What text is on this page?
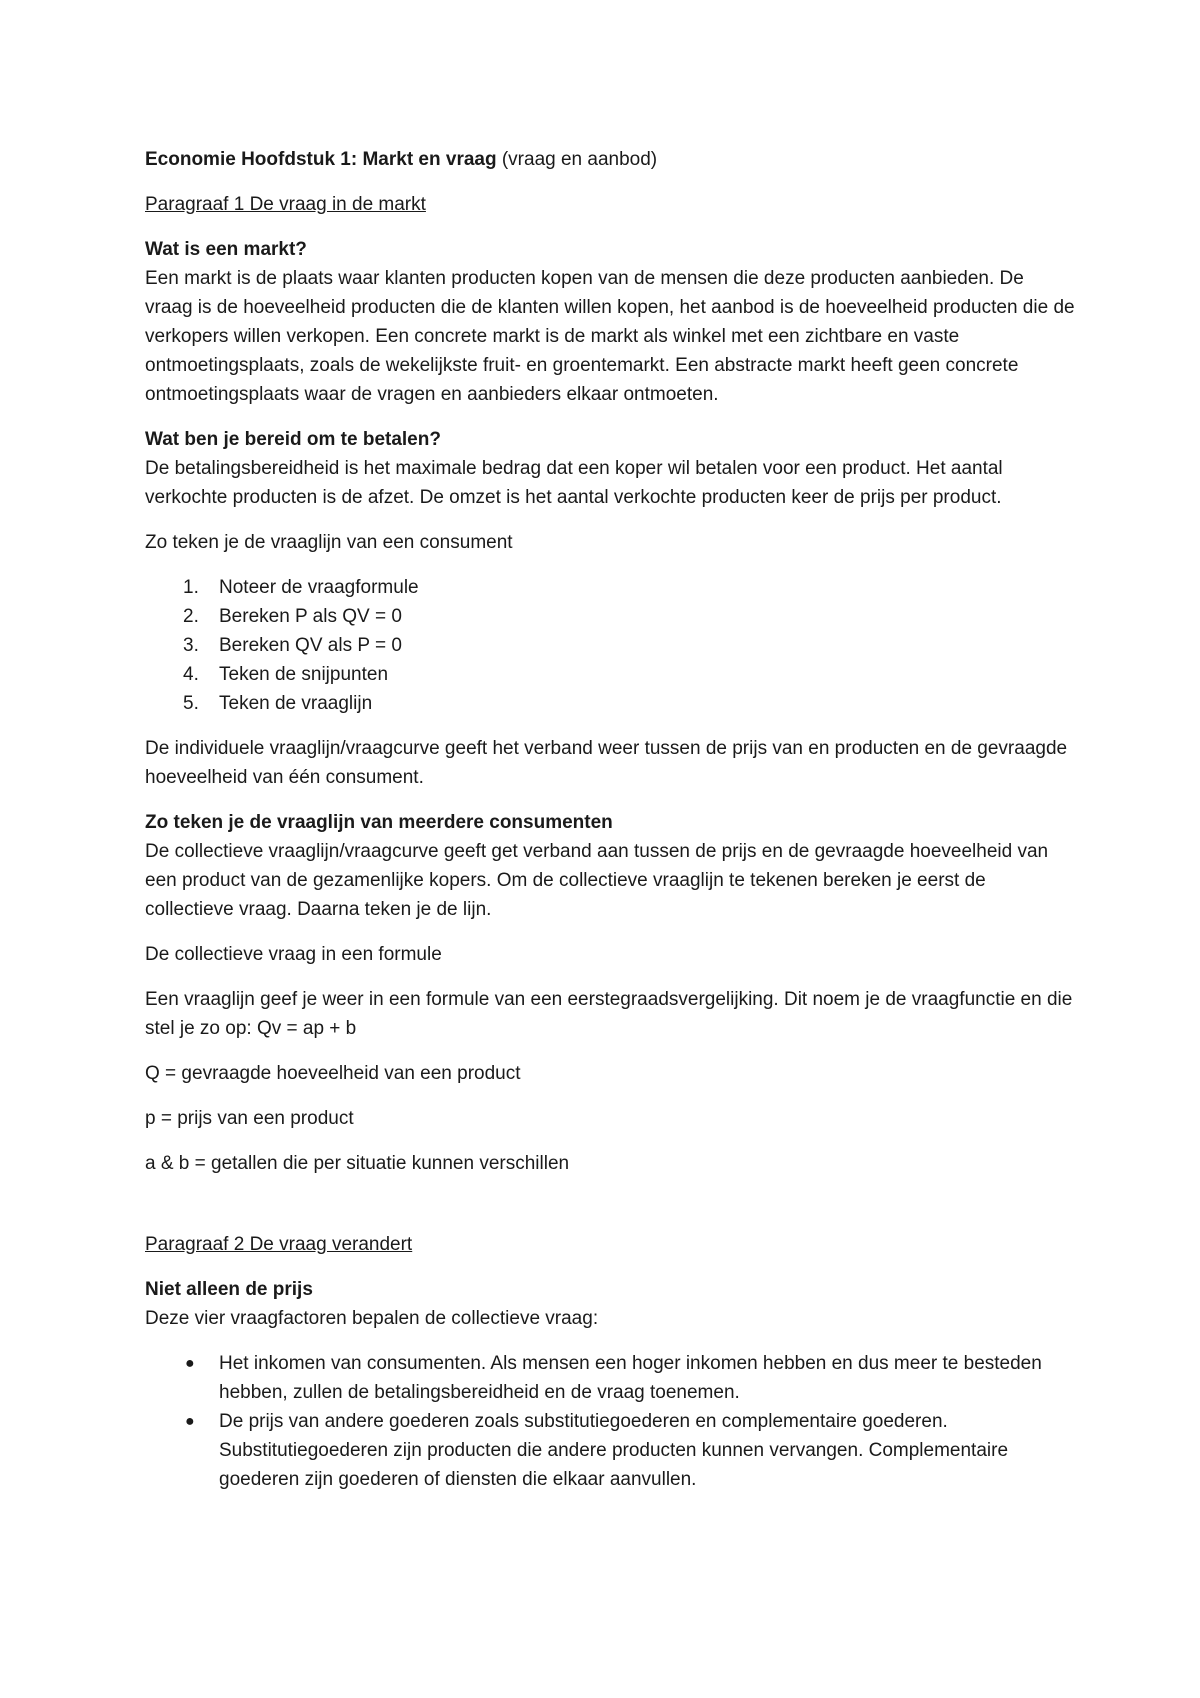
Economie Hoofdstuk 1: Markt en vraag (vraag en aanbod)

Paragraaf 1 De vraag in de markt

Wat is een markt?
Een markt is de plaats waar klanten producten kopen van de mensen die deze producten aanbieden. De vraag is de hoeveelheid producten die de klanten willen kopen, het aanbod is de hoeveelheid producten die de verkopers willen verkopen. Een concrete markt is de markt als winkel met een zichtbare en vaste ontmoetingsplaats, zoals de wekelijkste fruit- en groentemarkt. Een abstracte markt heeft geen concrete ontmoetingsplaats waar de vragen en aanbieders elkaar ontmoeten.

Wat ben je bereid om te betalen?
De betalingsbereidheid is het maximale bedrag dat een koper wil betalen voor een product. Het aantal verkochte producten is de afzet. De omzet is het aantal verkochte producten keer de prijs per product.

Zo teken je de vraaglijn van een consument

1.	Noteer de vraagformule
2.	Bereken P als QV = 0
3.	Bereken QV als P = 0
4.	Teken de snijpunten
5.	Teken de vraaglijn

De individuele vraaglijn/vraagcurve geeft het verband weer tussen de prijs van en producten en de gevraagde hoeveelheid van één consument.

Zo teken je de vraaglijn van meerdere consumenten
De collectieve vraaglijn/vraagcurve geeft get verband aan tussen de prijs en de gevraagde hoeveelheid van een product van de gezamenlijke kopers. Om de collectieve vraaglijn te tekenen bereken je eerst de collectieve vraag. Daarna teken je de lijn.

De collectieve vraag in een formule

Een vraaglijn geef je weer in een formule van een eerstegraadsvergelijking. Dit noem je de vraagfunctie en die stel je zo op: Qv = ap + b

Q = gevraagde hoeveelheid van een product

p = prijs van een product

a & b = getallen die per situatie kunnen verschillen

Paragraaf 2 De vraag verandert

Niet alleen de prijs
Deze vier vraagfactoren bepalen de collectieve vraag:

● Het inkomen van consumenten. Als mensen een hoger inkomen hebben en dus meer te besteden hebben, zullen de betalingsbereidheid en de vraag toenemen.
● De prijs van andere goederen zoals substitutiegoederen en complementaire goederen. Substitutiegoederen zijn producten die andere producten kunnen vervangen. Complementaire goederen zijn goederen of diensten die elkaar aanvullen.
